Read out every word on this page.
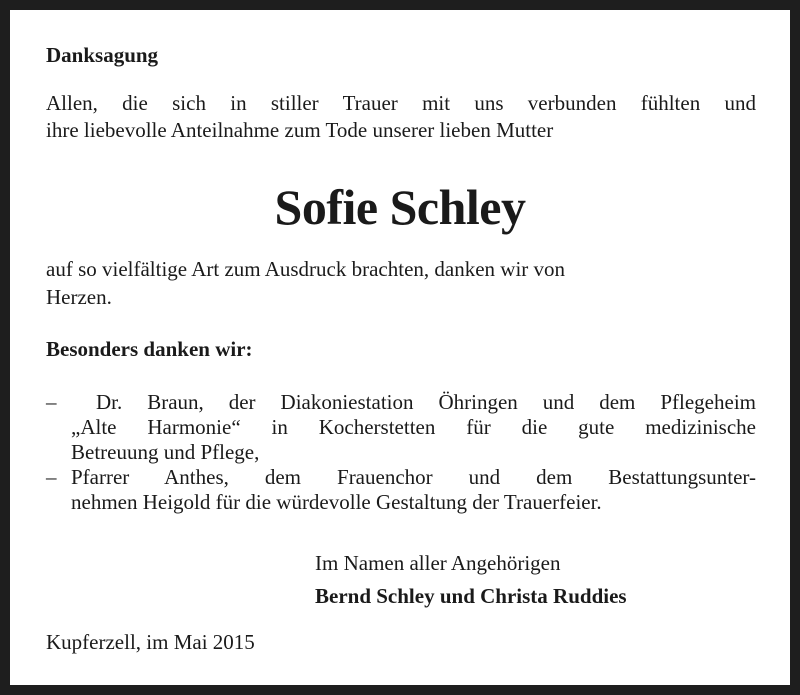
Danksagung
Allen, die sich in stiller Trauer mit uns verbunden fühlten und
ihre liebevolle Anteilnahme zum Tode unserer lieben Mutter
Sofie Schley
auf so vielfältige Art zum Ausdruck brachten, danken wir von
Herzen.
Besonders danken wir:
– Dr. Braun, der Diakoniestation Öhringen und dem Pflegeheim
„Alte Harmonie“ in Kocherstetten für die gute medizinische
Betreuung und Pflege,
– Pfarrer Anthes, dem Frauenchor und dem Bestattungsunter-
nehmen Heigold für die würdevolle Gestaltung der Trauerfeier.
Im Namen aller Angehörigen
Bernd Schley und Christa Ruddies
Kupferzell, im Mai 2015
